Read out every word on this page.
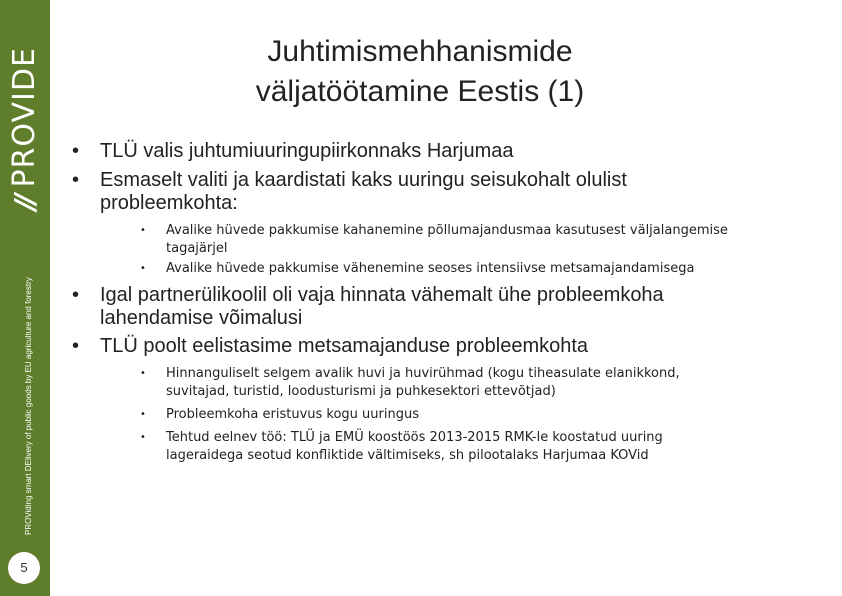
//
PROVIDE
PROViding smart DElivery of public goods by EU agriculture and forestry
5
Juhtimismehhanismide
väljatöötamine Eestis (1)
•	TLÜ valis juhtumiuuringupiirkonnaks Harjumaa
•	Esmaselt valiti ja kaardistati kaks uuringu seisukohalt olulist
probleemkohta:
•	Avalike hüvede pakkumise kahanemine põllumajandusmaa kasutusest väljalangemise
tagajärjel
•	Avalike hüvede pakkumise vähenemine seoses intensiivse metsamajandamisega
•	Igal partnerülikoolil oli vaja hinnata vähemalt ühe probleemkoha
lahendamise võimalusi
•	TLÜ poolt eelistasime metsamajanduse probleemkohta
•	Hinnanguliselt selgem avalik huvi ja huvirühmad (kogu tiheasulate elanikkond,
suvitajad, turistid, loodusturismi ja puhkesektori ettevõtjad)
•	Probleemkoha eristuvus kogu uuringus
•	Tehtud eelnev töö: TLÜ ja EMÜ koostöös 2013-2015 RMK-le koostatud uuring
lageraidega seotud konfliktide vältimiseks, sh pilootalaks Harjumaa KOVid
